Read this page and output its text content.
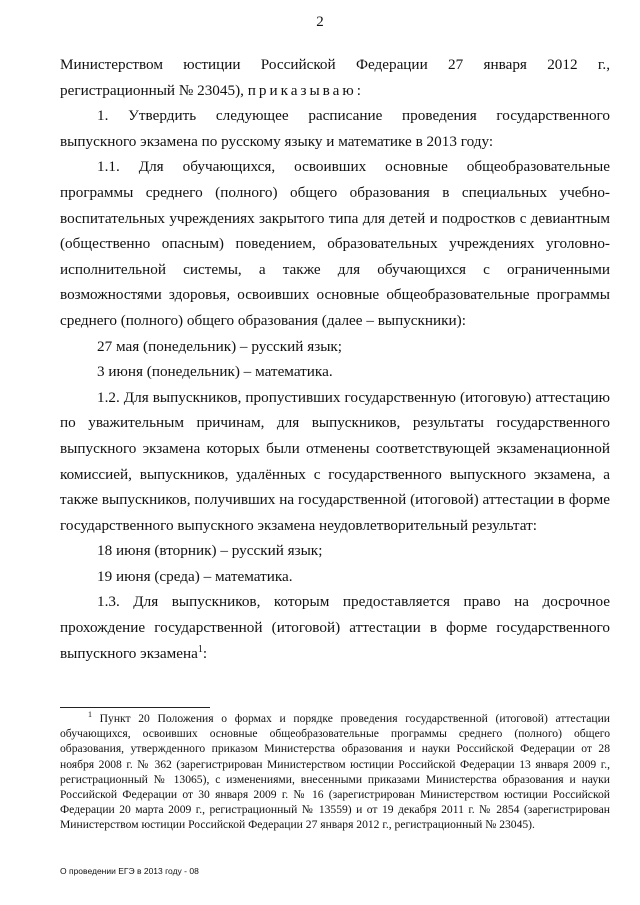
2

Министерством юстиции Российской Федерации 27 января 2012 г., регистрационный № 23045), приказываю:

1. Утвердить следующее расписание проведения государственного выпускного экзамена по русскому языку и математике в 2013 году:

1.1. Для обучающихся, освоивших основные общеобразовательные программы среднего (полного) общего образования в специальных учебно-воспитательных учреждениях закрытого типа для детей и подростков с девиантным (общественно опасным) поведением, образовательных учреждениях уголовно-исполнительной системы, а также для обучающихся с ограниченными возможностями здоровья, освоивших основные общеобразовательные программы среднего (полного) общего образования (далее – выпускники):

27 мая (понедельник) – русский язык;

3 июня (понедельник) – математика.

1.2. Для выпускников, пропустивших государственную (итоговую) аттестацию по уважительным причинам, для выпускников, результаты государственного выпускного экзамена которых были отменены соответствующей экзаменационной комиссией, выпускников, удалённых с государственного выпускного экзамена, а также выпускников, получивших на государственной (итоговой) аттестации в форме государственного выпускного экзамена неудовлетворительный результат:

18 июня (вторник) – русский язык;

19 июня (среда) – математика.

1.3. Для выпускников, которым предоставляется право на досрочное прохождение государственной (итоговой) аттестации в форме государственного выпускного экзамена$^1$:

$^1$ Пункт 20 Положения о формах и порядке проведения государственной (итоговой) аттестации обучающихся, освоивших основные общеобразовательные программы среднего (полного) общего образования, утвержденного приказом Министерства образования и науки Российской Федерации от 28 ноября 2008 г. № 362 (зарегистрирован Министерством юстиции Российской Федерации 13 января 2009 г., регистрационный № 13065), с изменениями, внесенными приказами Министерства образования и науки Российской Федерации от 30 января 2009 г. № 16 (зарегистрирован Министерством юстиции Российской Федерации 20 марта 2009 г., регистрационный № 13559) и от 19 декабря 2011 г. № 2854 (зарегистрирован Министерством юстиции Российской Федерации 27 января 2012 г., регистрационный № 23045).

О проведении ЕГЭ в 2013 году - 08
